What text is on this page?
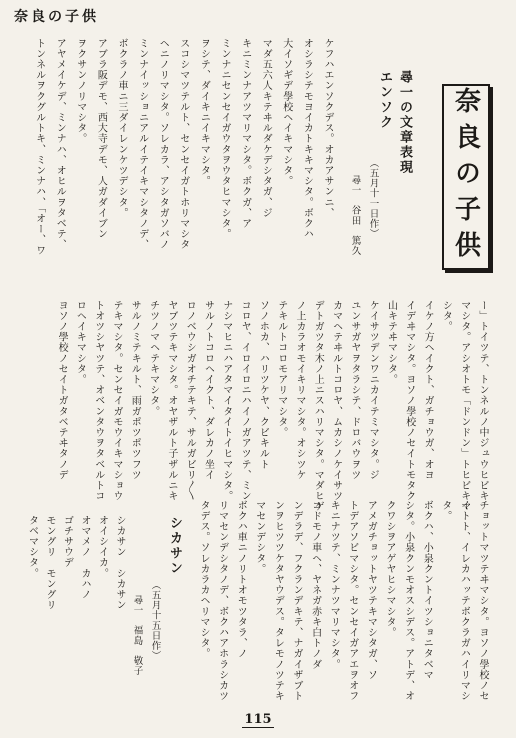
奈良の子供
奈良の子供
尋一の文章表現
エンソク
（五月十一日作）
尋一　谷田　篤久
ケフハエンソクデス。オカアサンニ、
オシラシテモヨイカトキキマシタ。ボクハ
大イソギデ學校ヘイキマシタ。
マダ五六人キテヰルダケデシタガ、ジ
キニミンナアツマリマシタ。ボクガ、ア
ミンナニセンセイガウタヲウタヒマシタ。
ヲシテ、ダイキニイキマシタ。
スコシマツテルト、センセイガトホリマシタ
ヘニノリマシタ。ソレカラ、アシタガソバノ
ミンナイッショニアルイテイキマシタノデ、
ボクラノ車ニ三ダイレンケツデシタ。
アブラ阪デモ、西大寺デモ、人ガダイブン
ヲクサンノリマシタ。
アヤメイケデ、ミンナハ、オヒルヲタベテ、
トンネルヲクグルトキ、ミンナハ、「オー、ワ
ー」トイツテ、トンネルノ中ジュウヒビキ
マシタ。アシオトモ「ドンドン」トヒビキマ
シタ。
イケノ方ヘイクト、ガチョウガ、オヨ
イデヰマシタ。ヨソノ學校ノセイトモタク
山キテヰマシタ。
ケイサツデンワニカイテミマシタ。ジ
ユンサガヤヲタラシテ、ドロバウヲツ
カマヘテヰルトコロヤ、ムカシノケイサツ
デトガツタ木ノ上ニスハリマシタ。マダヒゲ
ノ上カラオモイキリマシタ。オシツケ
テキルトコロモアリマシタ。
ソノホカ、ハリツケヤ、クビキルト
コロヤ、イロイロニハイノガアツテ、ミン
ナシマヒニハアタマイタイトイヒマシタ。
サルノトコロヘイクト、ダレカノ坐イ
ロノベウシガオチテキテ、サルガビリ〳〵
ヤブツテキマシタ。オヤザルト子ザルニキ
チツノマヘテキマシタ。
サルノミテキルト、雨ガポツポツフツ
テキマシタ。センセイガモウイキマショウ
トオツシヤツテ、オベンタウヲタベルトコ
ロヘイキマシタ。
ヨソノ學校ノセイトガタベテヰタノデ
チョットマツテヰマシタ。ヨソノ學校ノセ
イトト、イレカハッテボクラガハイリマシ
タ。
ボクハ、小泉クントイツショニタベマ
シタ。小泉クンモオスシデス。アトデ、オ
クワシヲアゲヤヒシマシタ。
アメガチョットヤツテキマシタガ、ソ
トデアソビマシタ。センセイガアエヲオフ
キニナツテ、ミンナツマリマシタ。
コドモノ車ヘ、ヤネガ赤キ白トノダ
ンデラデ、フクランデキテ、ナガイザブト
ンヲヒツツケタヤウデス。タレモノツテキ
マセンデシタ。
ボクハ車ニノリトオモツタラ、ノ
リマセンデシタノデ、ボクハアホラシカツ
タデス。ソレカラカヘリマシタ。
シカサン
（五月十五日作）
尋一　福島　敬子
シカサン　シカサン
オイシイカ。
オマメノ　カハノ
ゴチサウデ
モングリ　モングリ
タベマシタ。
115
